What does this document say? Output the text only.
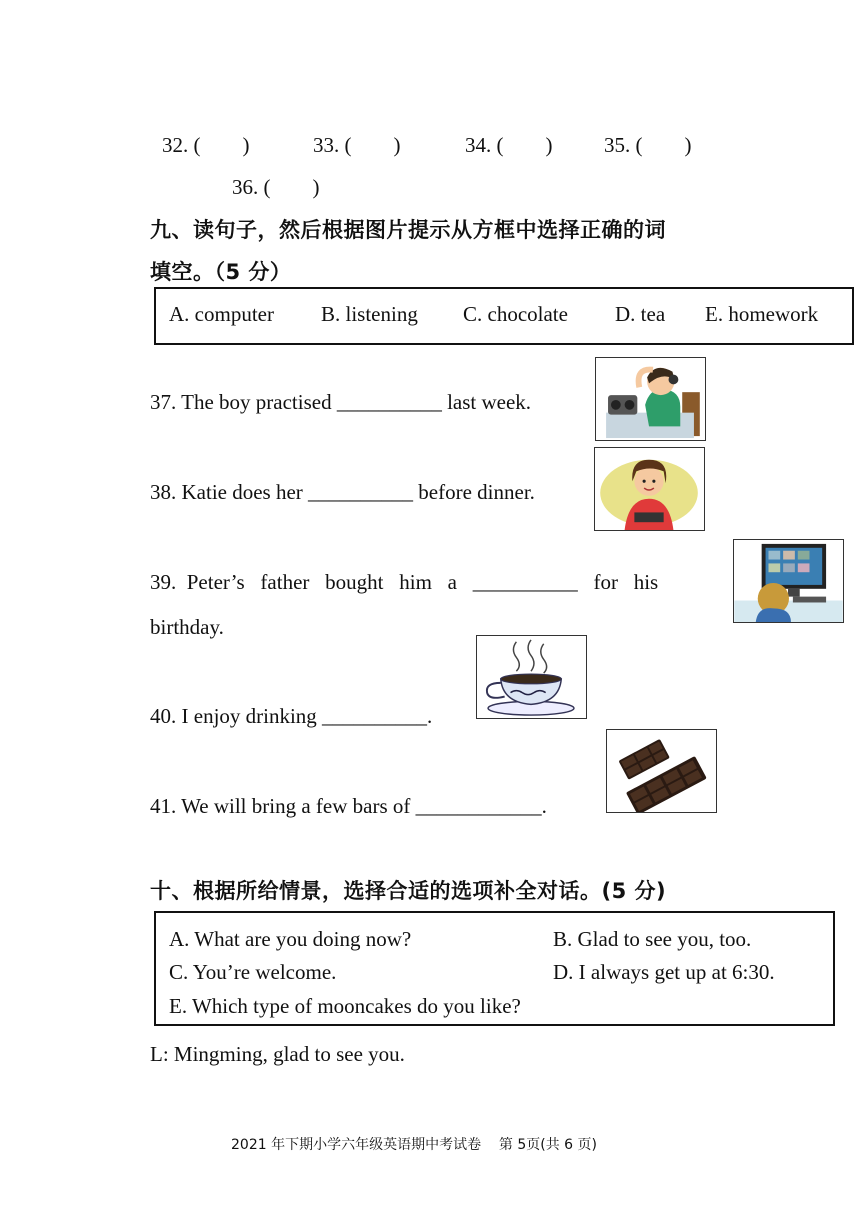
32. (        )	33. (        )	34. (        ) 35. (        )
36. (        )
九、读句子，然后根据图片提示从方框中选择正确的词
填空。（5 分）
A. computer B. listening C. chocolate D. tea E. homework
37. The boy practised __________ last week.
38. Katie does her __________ before dinner.
39.  Peter’s   father   bought   him   a   __________   for   his
birthday.
40. I enjoy drinking __________.
41. We will bring a few bars of ____________.
十、根据所给情景，选择合适的选项补全对话。(5 分)
A. What are you doing now?	B. Glad to see you, too.
C. You’re welcome.	D. I always get up at 6:30.
E. Which type of mooncakes do you like?
L: Mingming, glad to see you.
2021 年下期小学六年级英语期中考试卷    第 5页(共 6 页)
